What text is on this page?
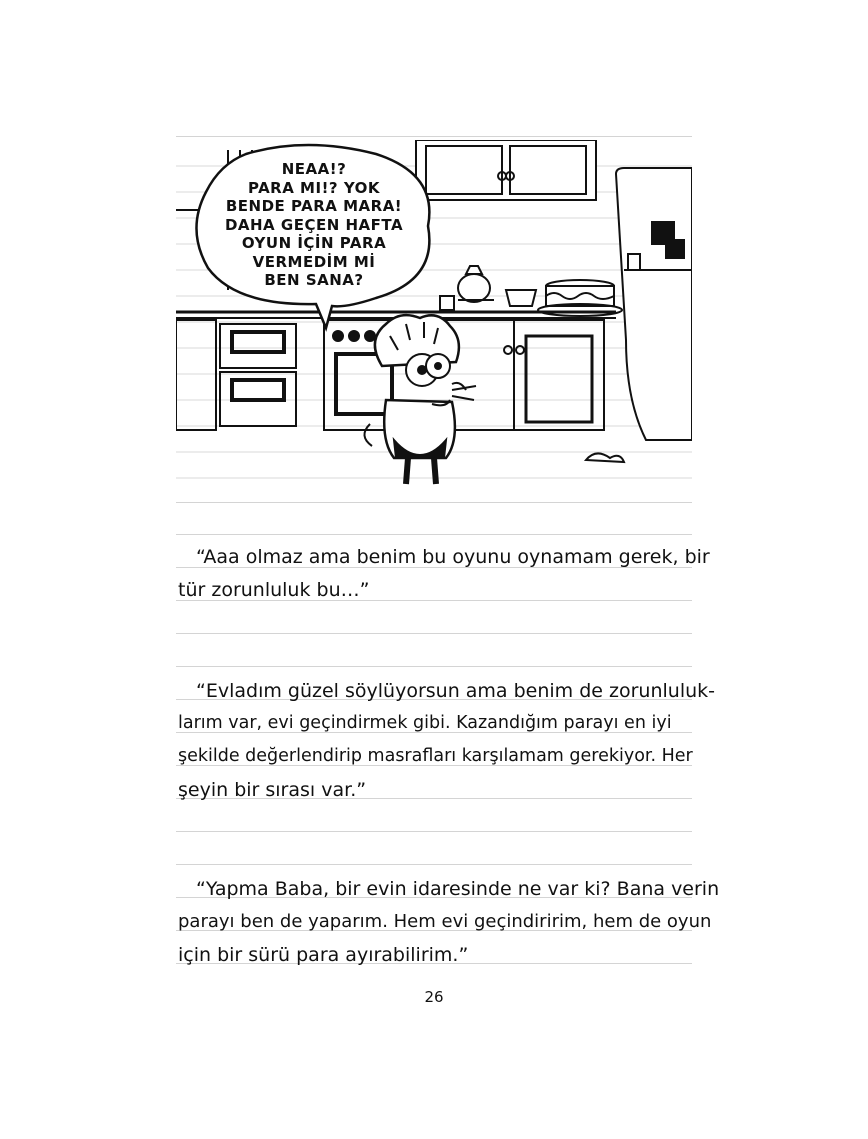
NEAA!?
PARA MI!? YOK
BENDE PARA MARA!
DAHA GEÇEN HAFTA
OYUN İÇİN PARA
VERMEDİM Mİ
BEN SANA?
“Aaa olmaz ama benim bu oyunu oynamam gerek, bir
tür zorunluluk bu…”
“Evladım güzel söylüyorsun ama benim de zorunluluk-
larım var, evi geçindirmek gibi. Kazandığım parayı en iyi
şekilde değerlendirip masrafları karşılamam gerekiyor. Her
şeyin bir sırası var.”
“Yapma Baba, bir evin idaresinde ne var ki? Bana verin
parayı ben de yaparım. Hem evi geçindiririm, hem de oyun
için bir sürü para ayırabilirim.”
26
